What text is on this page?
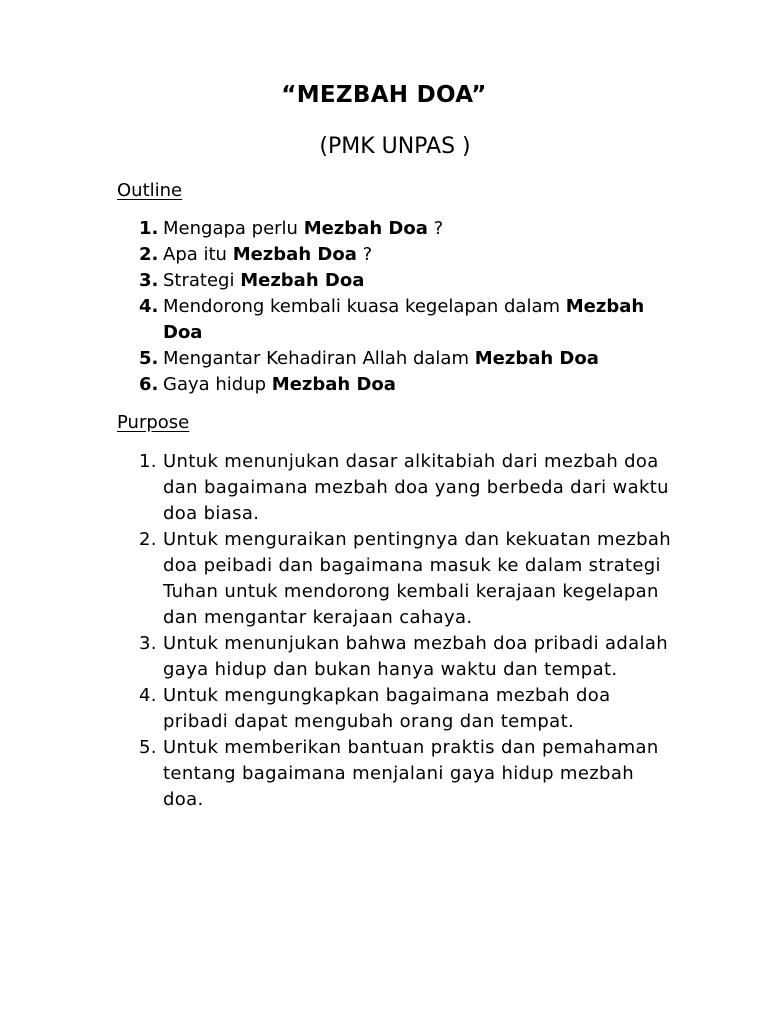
“MEZBAH DOA”
(PMK UNPAS )
Outline
1. Mengapa perlu Mezbah Doa ?
2. Apa itu Mezbah Doa ?
3. Strategi Mezbah Doa
4. Mendorong kembali kuasa kegelapan dalam Mezbah Doa
5. Mengantar Kehadiran Allah dalam Mezbah Doa
6. Gaya hidup Mezbah Doa
Purpose
1. Untuk menunjukan dasar alkitabiah dari mezbah doa dan bagaimana mezbah doa yang berbeda dari waktu doa biasa.
2. Untuk menguraikan pentingnya dan kekuatan mezbah doa peibadi dan bagaimana masuk ke dalam strategi Tuhan untuk mendorong kembali kerajaan kegelapan dan mengantar kerajaan cahaya.
3. Untuk menunjukan bahwa mezbah doa pribadi adalah gaya hidup dan bukan hanya waktu dan tempat.
4. Untuk mengungkapkan bagaimana mezbah doa pribadi dapat mengubah orang dan tempat.
5. Untuk memberikan bantuan praktis dan pemahaman tentang bagaimana menjalani gaya hidup mezbah doa.
